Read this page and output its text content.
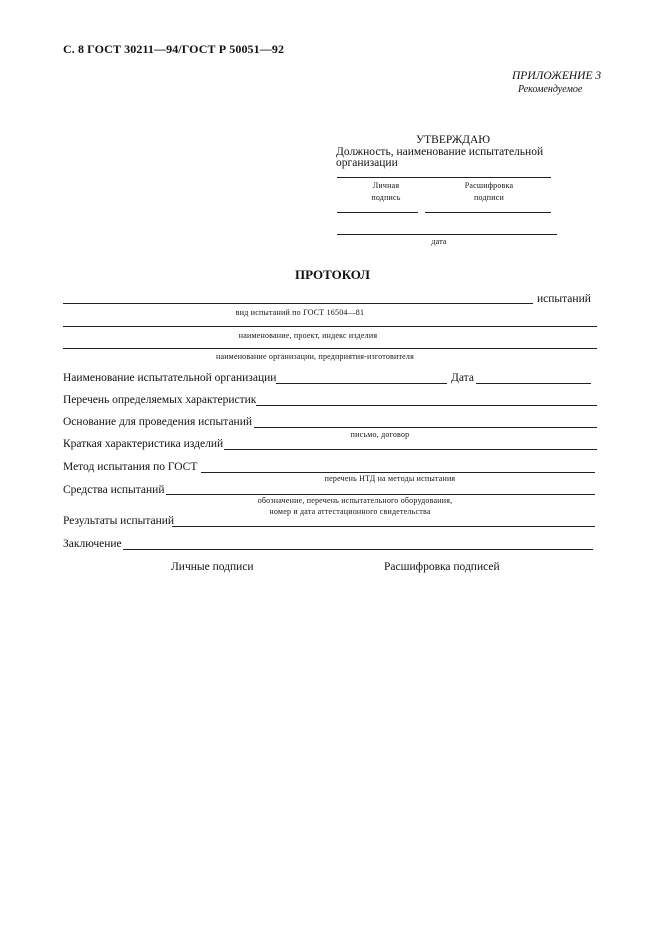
С. 8 ГОСТ 30211—94/ГОСТ Р 50051—92
ПРИЛОЖЕНИЕ 3
Рекомендуемое
УТВЕРЖДАЮ
Должность, наименование испытательной
организации
Личная
подпись
Расшифровка
подписи
дата
ПРОТОКОЛ
испытаний
вид испытаний по ГОСТ 16504—81
наименование, проект, индекс изделия
наименование организации, предприятия-изготовителя
Наименование испытательной организации	Дата
Перечень определяемых характеристик
Основание для проведения испытаний
письмо, договор
Краткая характеристика изделий
Метод испытания по ГОСТ
перечень НТД на методы испытания
Средства испытаний
обозначение, перечень испытательного оборудования,
номер и дата аттестационного свидетельства
Результаты испытаний
Заключение
Личные подписи	Расшифровка подписей
